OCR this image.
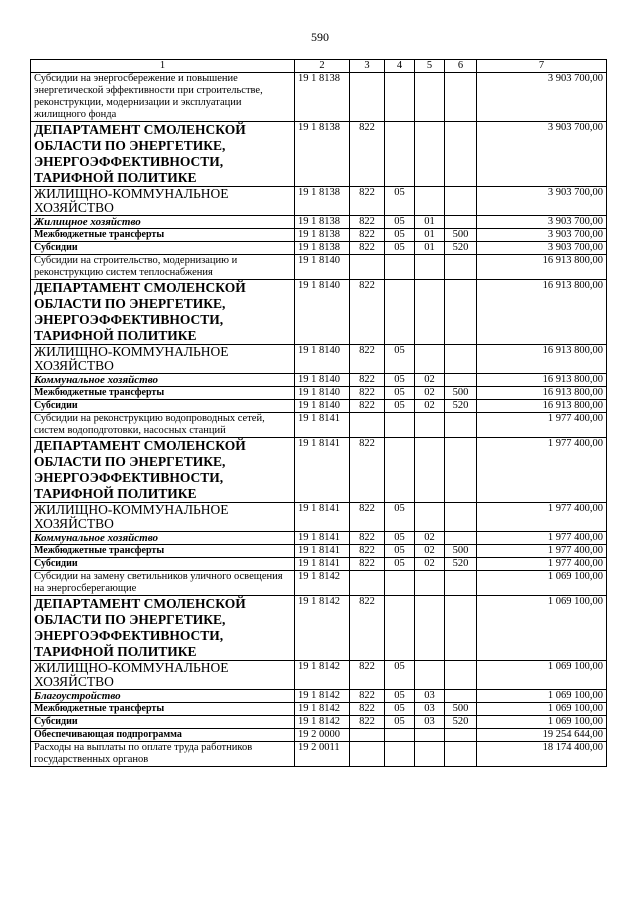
590
1	2	3	4	5	6	7
Субсидии на энергосбережение и повышение энергетической эффективности при строительстве, реконструкции, модернизации и эксплуатации жилищного фонда	19 1 8138					3 903 700,00
ДЕПАРТАМЕНТ СМОЛЕНСКОЙ ОБЛАСТИ ПО ЭНЕРГЕТИКЕ, ЭНЕРГОЭФФЕКТИВНОСТИ, ТАРИФНОЙ ПОЛИТИКЕ	19 1 8138	822				3 903 700,00
ЖИЛИЩНО-КОММУНАЛЬНОЕ ХОЗЯЙСТВО	19 1 8138	822	05			3 903 700,00
Жилищное хозяйство	19 1 8138	822	05	01		3 903 700,00
Межбюджетные трансферты	19 1 8138	822	05	01	500	3 903 700,00
Субсидии	19 1 8138	822	05	01	520	3 903 700,00
Субсидии на строительство, модернизацию и реконструкцию систем теплоснабжения	19 1 8140					16 913 800,00
ДЕПАРТАМЕНТ СМОЛЕНСКОЙ ОБЛАСТИ ПО ЭНЕРГЕТИКЕ, ЭНЕРГОЭФФЕКТИВНОСТИ, ТАРИФНОЙ ПОЛИТИКЕ	19 1 8140	822				16 913 800,00
ЖИЛИЩНО-КОММУНАЛЬНОЕ ХОЗЯЙСТВО	19 1 8140	822	05			16 913 800,00
Коммунальное хозяйство	19 1 8140	822	05	02		16 913 800,00
Межбюджетные трансферты	19 1 8140	822	05	02	500	16 913 800,00
Субсидии	19 1 8140	822	05	02	520	16 913 800,00
Субсидии на реконструкцию водопроводных сетей, систем водоподготовки, насосных станций	19 1 8141					1 977 400,00
ДЕПАРТАМЕНТ СМОЛЕНСКОЙ ОБЛАСТИ ПО ЭНЕРГЕТИКЕ, ЭНЕРГОЭФФЕКТИВНОСТИ, ТАРИФНОЙ ПОЛИТИКЕ	19 1 8141	822				1 977 400,00
ЖИЛИЩНО-КОММУНАЛЬНОЕ ХОЗЯЙСТВО	19 1 8141	822	05			1 977 400,00
Коммунальное хозяйство	19 1 8141	822	05	02		1 977 400,00
Межбюджетные трансферты	19 1 8141	822	05	02	500	1 977 400,00
Субсидии	19 1 8141	822	05	02	520	1 977 400,00
Субсидии на замену светильников уличного освещения на энергосберегающие	19 1 8142					1 069 100,00
ДЕПАРТАМЕНТ СМОЛЕНСКОЙ ОБЛАСТИ ПО ЭНЕРГЕТИКЕ, ЭНЕРГОЭФФЕКТИВНОСТИ, ТАРИФНОЙ ПОЛИТИКЕ	19 1 8142	822				1 069 100,00
ЖИЛИЩНО-КОММУНАЛЬНОЕ ХОЗЯЙСТВО	19 1 8142	822	05			1 069 100,00
Благоустройство	19 1 8142	822	05	03		1 069 100,00
Межбюджетные трансферты	19 1 8142	822	05	03	500	1 069 100,00
Субсидии	19 1 8142	822	05	03	520	1 069 100,00
Обеспечивающая подпрограмма	19 2 0000					19 254 644,00
Расходы на выплаты по оплате труда работников государственных органов	19 2 0011					18 174 400,00
